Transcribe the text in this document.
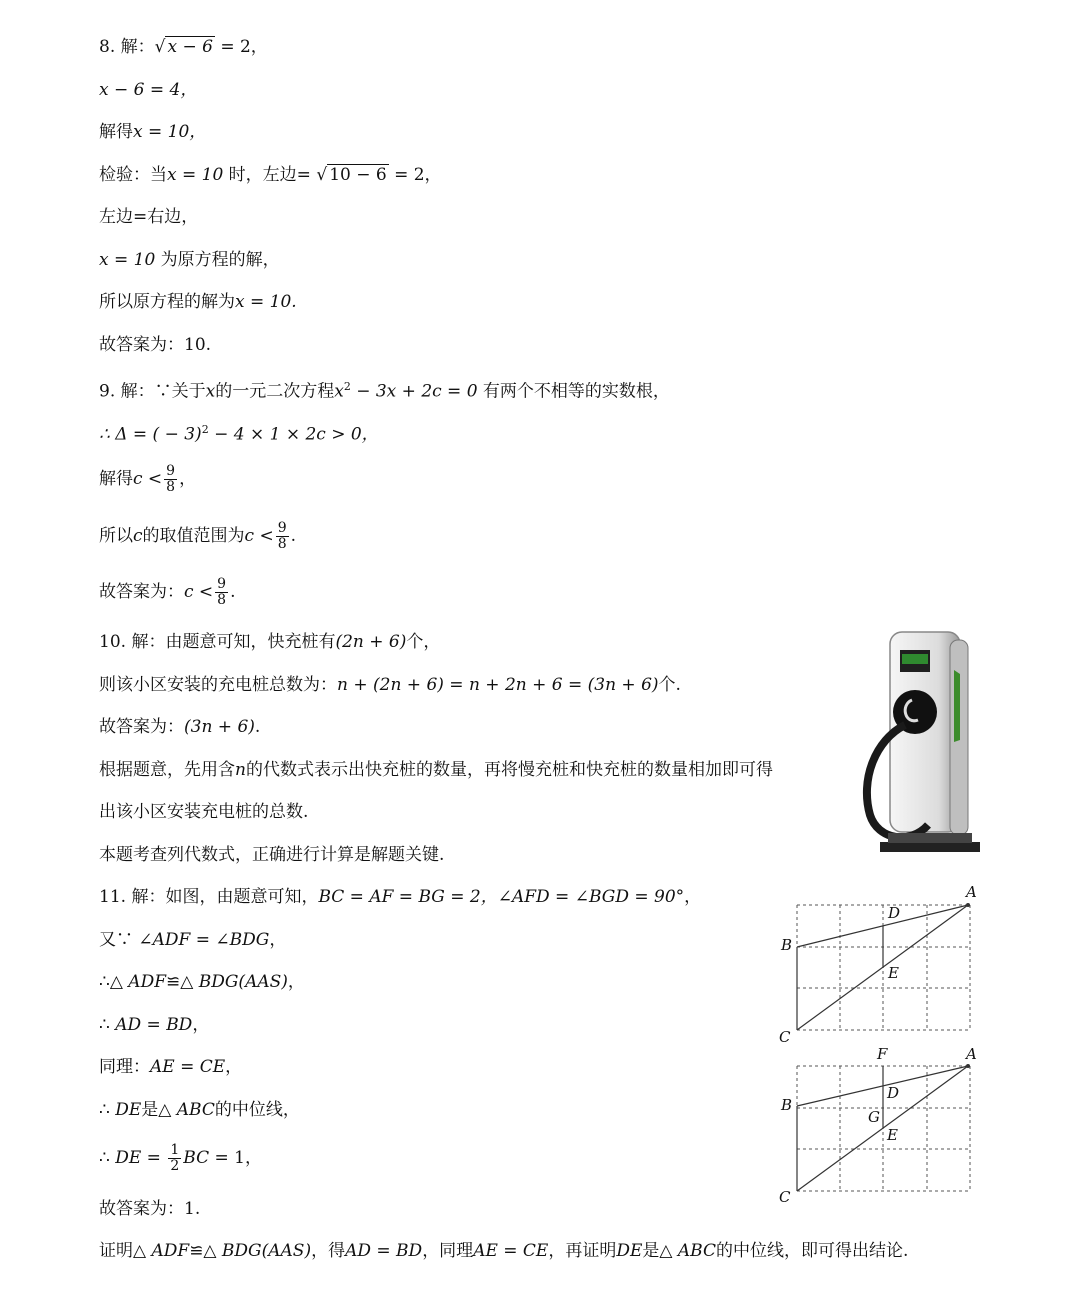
8. 解：√ x − 6 = 2，
x − 6 = 4，
解得x = 10，
检验：当x = 10 时，左边= √ 10 − 6 = 2，
左边=右边，
x = 10 为原方程的解，
所以原方程的解为x = 10.
故答案为：10.
9. 解：∵关于x的一元二次方程$x^2 - 3x + 2c = 0$ 有两个不相等的实数根，
∴ Δ = ( − 3)$^2$ − 4 × 1 × 2c > 0，
解得$c < \frac{9}{8}$ ，
所以c的取值范围为$c < \frac{9}{8}$ .
故答案为：$c < \frac{9}{8}$ .
10. 解：由题意可知，快充桩有(2n + 6)个，
则该小区安装的充电桩总数为：n + (2n + 6) = n + 2n + 6 = (3n + 6)个.
故答案为：(3n + 6).
根据题意，先用含n的代数式表示出快充桩的数量，再将慢充桩和快充桩的数量相加即可得
出该小区安装充电桩的总数.
本题考查列代数式，正确进行计算是解题关键.
11. 解：如图，由题意可知，BC = AF = BG = 2，∠AFD = ∠BGD = 90°，
又∵ ∠ADF = ∠BDG，
∴△ ADF≌△ BDG(AAS)，
∴ AD = BD，
同理：AE = CE，
∴ DE是△ ABC的中位线，
∴ DE = $\frac{1}{2}$ BC = 1，
故答案为：1.
证明△ ADF≌△ BDG(AAS)，得AD = BD，同理AE = CE，再证明DE是△ ABC的中位线，即可得出结论.
A
B
C
D
E
F	A
B
C
D
G
E
